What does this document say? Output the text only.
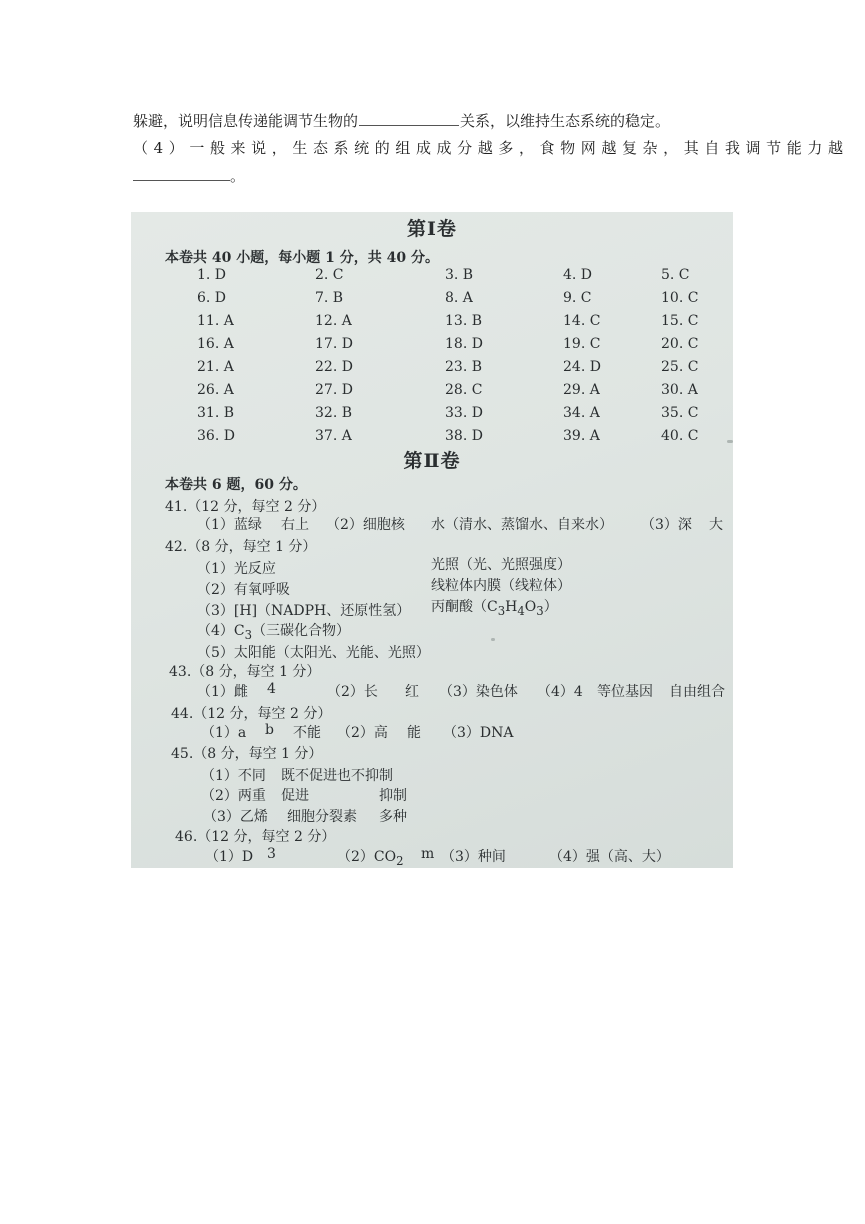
躲避，说明信息传递能调节生物的	关系，以维持生态系统的稳定。
（4）一般来说，生态系统的组成成分越多，食物网越复杂，其自我调节能力越
。
第Ⅰ卷
本卷共 40 小题，每小题 1 分，共 40 分。
1. D	2. C	3. B	4. D	5. C
6. D	7. B	8. A	9. C	10. C
11. A	12. A	13. B	14. C	15. C
16. A	17. D	18. D	19. C	20. C
21. A	22. D	23. B	24. D	25. C
26. A	27. D	28. C	29. A	30. A
31. B	32. B	33. D	34. A	35. C
36. D	37. A	38. D	39. A	40. C
第Ⅱ卷
本卷共 6 题，60 分。
41.（12 分，每空 2 分）
（1）蓝绿 右上 （2）细胞核 水（清水、蒸馏水、自来水） （3）深 大
42.（8 分，每空 1 分）
（1）光反应	光照（光、光照强度）
（2）有氧呼吸	线粒体内膜（线粒体）
（3）[H]（NADPH、还原性氢） 丙酮酸$(C_3H_4O_3)$
$(4)C_3$（三碳化合物）
（5）太阳能（太阳光、光能、光照）
43.（8 分，每空 1 分）
（1）雌 4	（2）长 红 （3）染色体 （4）4 等位基因 自由组合
44.（12 分，每空 2 分）
（1）a b 不能 （2）高 能 （3）DNA
45.（8 分，每空 1 分）
（1）不同 既不促进也不抑制
（2）两重 促进	抑制
（3）乙烯 细胞分裂素 多种
46.（12 分，每空 2 分）
（1）D 3	$(2)CO_2$ m （3）种间	（4）强（高、大）
